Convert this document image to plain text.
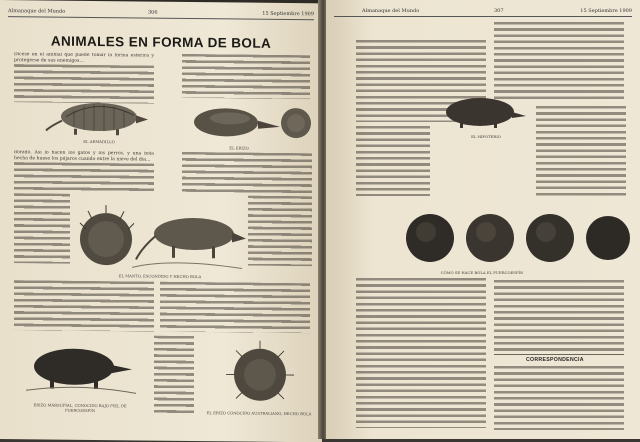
Almanaque del Mundo	306	15 Septiembre 1909
ANIMALES EN FORMA DE BOLA
Dícese en el animal que puede tomar la forma esférica y protegerse de sus enemigos...
EL ARMADILLO
EL ERIZO
dorado. Así lo hacen los gatos y los perros, y una bola hecha de hueso los pájaros cuando entre la nieve del día...
EL MANTO, ESCONDIDO Y HECHO BOLA
ERIZO MARSUPIAL, CONOCIDO BAJO PIEL DE PUERCOESPÍN	EL ERIZO CONOCIDO AUSTRALIANO, HECHO BOLA
Almanaque del Mundo	307	15 Septiembre 1909
EL HIPOTERIO
CÓMO SE HACE BOLA EL PUERCOESPÍN
CORRESPONDENCIA
